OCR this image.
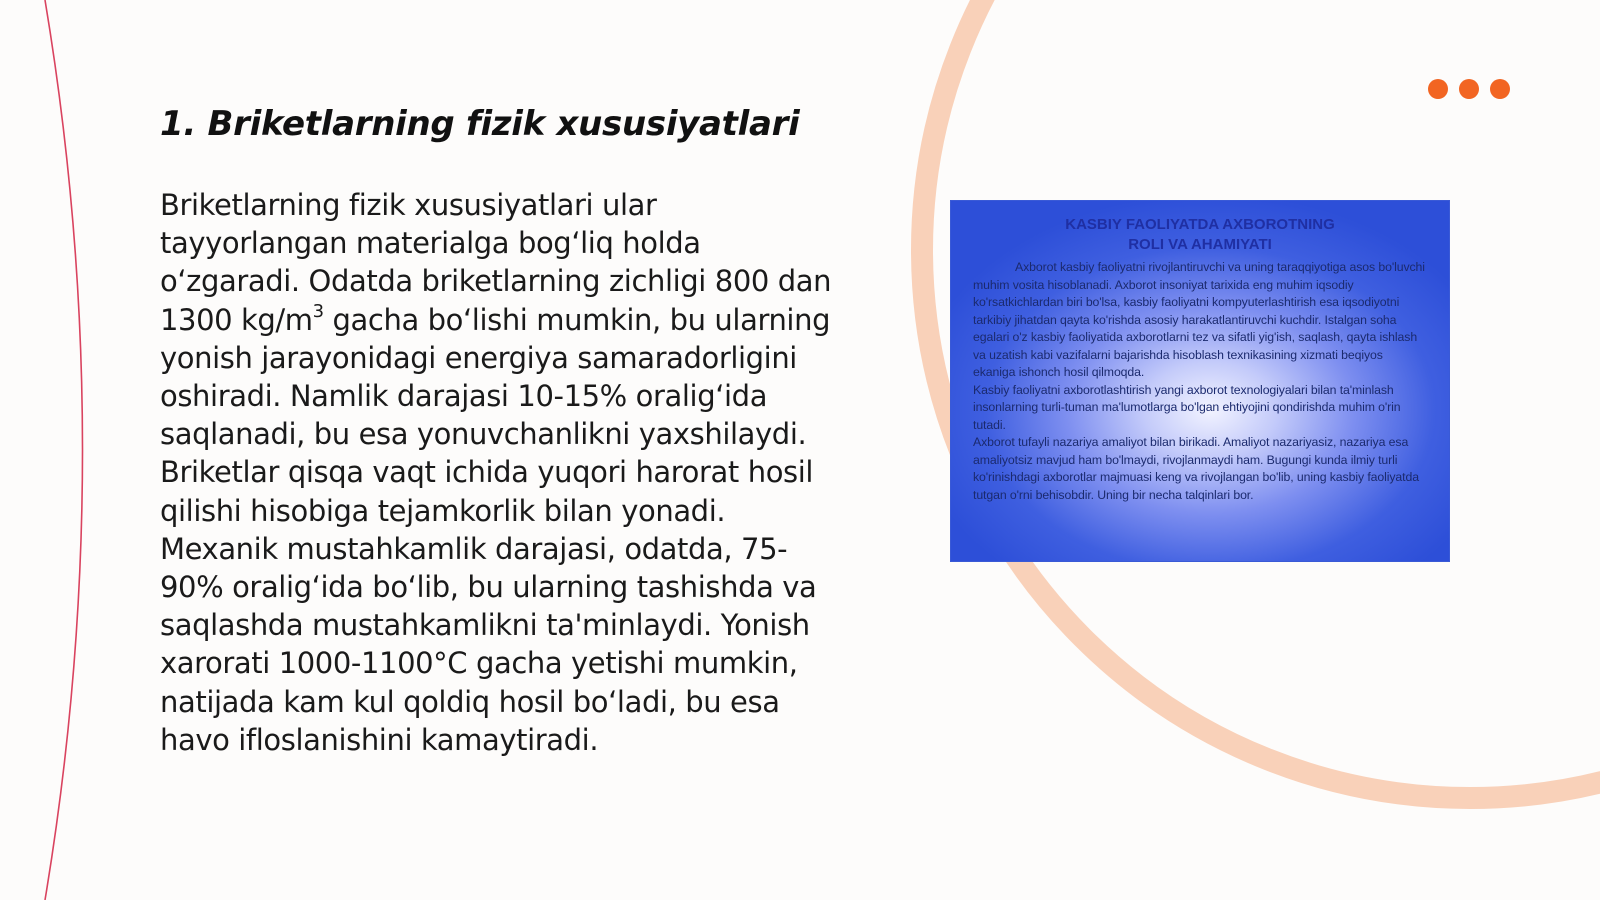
1. Briketlarning fizik xususiyatlari

Briketlarning fizik xususiyatlari ular tayyorlangan materialga bog‘liq holda o‘zgaradi. Odatda briketlarning zichligi 800 dan 1300 $kg/m^3$ gacha bo‘lishi mumkin, bu ularning yonish jarayonidagi energiya samaradorligini oshiradi. Namlik darajasi 10-15% oralig‘ida saqlanadi, bu esa yonuvchanlikni yaxshilaydi. Briketlar qisqa vaqt ichida yuqori harorat hosil qilishi hisobiga tejamkorlik bilan yonadi. Mexanik mustahkamlik darajasi, odatda, 75-90% oralig‘ida bo‘lib, bu ularning tashishda va saqlashda mustahkamlikni ta'minlaydi. Yonish xarorati 1000-1100°C gacha yetishi mumkin, natijada kam kul qoldiq hosil bo‘ladi, bu esa havo ifloslanishini kamaytiradi.

KASBIY FAOLIYATDA AXBOROTNING
ROLI VA AHAMIYATI

Axborot kasbiy faoliyatni rivojlantiruvchi va uning taraqqiyotiga asos bo'luvchi muhim vosita hisoblanadi. Axborot insoniyat tarixida eng muhim iqsodiy ko'rsatkichlardan biri bo'lsa, kasbiy faoliyatni kompyuterlashtirish esa iqsodiyotni tarkibiy jihatdan qayta ko'rishda asosiy harakatlantiruvchi kuchdir. Istalgan soha egalari o'z kasbiy faoliyatida axborotlarni tez va sifatli yig'ish, saqlash, qayta ishlash va uzatish kabi vazifalarni bajarishda hisoblash texnikasining xizmati beqiyos ekaniga ishonch hosil qilmoqda.

Kasbiy faoliyatni axborotlashtirish yangi axborot texnologiyalari bilan ta'minlash insonlarning turli-tuman ma'lumotlarga bo'lgan ehtiyojini qondirishda muhim o'rin tutadi.

Axborot tufayli nazariya amaliyot bilan birikadi. Amaliyot nazariyasiz, nazariya esa amaliyotsiz mavjud ham bo'lmaydi, rivojlanmaydi ham. Bugungi kunda ilmiy turli ko'rinishdagi axborotlar majmuasi keng va rivojlangan bo'lib, uning kasbiy faoliyatda tutgan o'rni behisobdir. Uning bir necha talqinlari bor.
